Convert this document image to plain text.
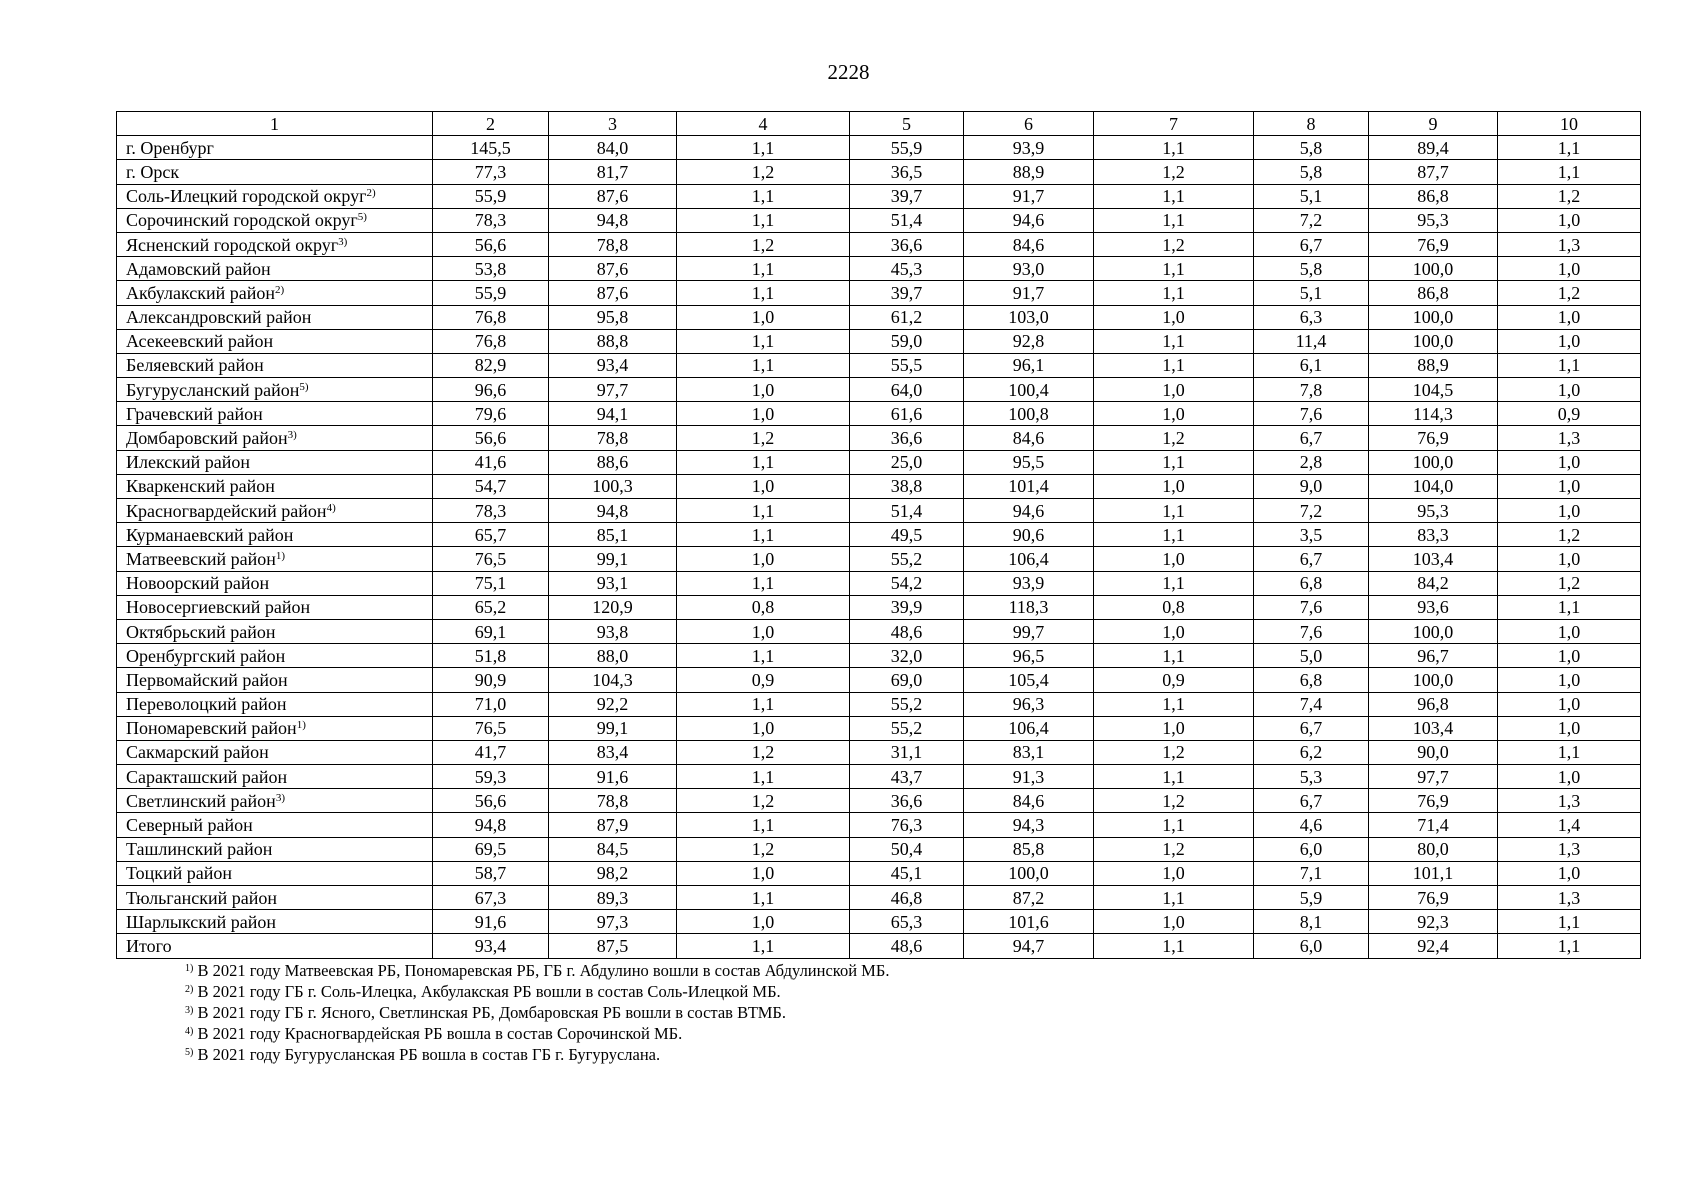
2228
1	2	3	4	5	6	7	8	9	10
г. Оренбург	145,5	84,0	1,1	55,9	93,9	1,1	5,8	89,4	1,1
г. Орск	77,3	81,7	1,2	36,5	88,9	1,2	5,8	87,7	1,1
Соль-Илецкий городской округ$^{2)}$	55,9	87,6	1,1	39,7	91,7	1,1	5,1	86,8	1,2
Сорочинский городской округ$^{5)}$	78,3	94,8	1,1	51,4	94,6	1,1	7,2	95,3	1,0
Ясненский городской округ$^{3)}$	56,6	78,8	1,2	36,6	84,6	1,2	6,7	76,9	1,3
Адамовский район	53,8	87,6	1,1	45,3	93,0	1,1	5,8	100,0	1,0
Акбулакский район$^{2)}$	55,9	87,6	1,1	39,7	91,7	1,1	5,1	86,8	1,2
Александровский район	76,8	95,8	1,0	61,2	103,0	1,0	6,3	100,0	1,0
Асекеевский район	76,8	88,8	1,1	59,0	92,8	1,1	11,4	100,0	1,0
Беляевский район	82,9	93,4	1,1	55,5	96,1	1,1	6,1	88,9	1,1
Бугурусланский район$^{5)}$	96,6	97,7	1,0	64,0	100,4	1,0	7,8	104,5	1,0
Грачевский район	79,6	94,1	1,0	61,6	100,8	1,0	7,6	114,3	0,9
Домбаровский район$^{3)}$	56,6	78,8	1,2	36,6	84,6	1,2	6,7	76,9	1,3
Илекский район	41,6	88,6	1,1	25,0	95,5	1,1	2,8	100,0	1,0
Кваркенский район	54,7	100,3	1,0	38,8	101,4	1,0	9,0	104,0	1,0
Красногвардейский район$^{4)}$	78,3	94,8	1,1	51,4	94,6	1,1	7,2	95,3	1,0
Курманаевский район	65,7	85,1	1,1	49,5	90,6	1,1	3,5	83,3	1,2
Матвеевский район$^{1)}$	76,5	99,1	1,0	55,2	106,4	1,0	6,7	103,4	1,0
Новоорский район	75,1	93,1	1,1	54,2	93,9	1,1	6,8	84,2	1,2
Новосергиевский район	65,2	120,9	0,8	39,9	118,3	0,8	7,6	93,6	1,1
Октябрьский район	69,1	93,8	1,0	48,6	99,7	1,0	7,6	100,0	1,0
Оренбургский район	51,8	88,0	1,1	32,0	96,5	1,1	5,0	96,7	1,0
Первомайский район	90,9	104,3	0,9	69,0	105,4	0,9	6,8	100,0	1,0
Переволоцкий район	71,0	92,2	1,1	55,2	96,3	1,1	7,4	96,8	1,0
Пономаревский район$^{1)}$	76,5	99,1	1,0	55,2	106,4	1,0	6,7	103,4	1,0
Сакмарский район	41,7	83,4	1,2	31,1	83,1	1,2	6,2	90,0	1,1
Саракташский район	59,3	91,6	1,1	43,7	91,3	1,1	5,3	97,7	1,0
Светлинский район$^{3)}$	56,6	78,8	1,2	36,6	84,6	1,2	6,7	76,9	1,3
Северный район	94,8	87,9	1,1	76,3	94,3	1,1	4,6	71,4	1,4
Ташлинский район	69,5	84,5	1,2	50,4	85,8	1,2	6,0	80,0	1,3
Тоцкий район	58,7	98,2	1,0	45,1	100,0	1,0	7,1	101,1	1,0
Тюльганский район	67,3	89,3	1,1	46,8	87,2	1,1	5,9	76,9	1,3
Шарлыкский район	91,6	97,3	1,0	65,3	101,6	1,0	8,1	92,3	1,1
Итого	93,4	87,5	1,1	48,6	94,7	1,1	6,0	92,4	1,1
$^{1)}$ В 2021 году Матвеевская РБ, Пономаревская РБ, ГБ г. Абдулино вошли в состав Абдулинской МБ.
$^{2)}$ В 2021 году ГБ г. Соль-Илецка, Акбулакская РБ вошли в состав Соль-Илецкой МБ.
$^{3)}$ В 2021 году ГБ г. Ясного, Светлинская РБ, Домбаровская РБ вошли в состав ВТМБ.
$^{4)}$ В 2021 году Красногвардейская РБ вошла в состав Сорочинской МБ.
$^{5)}$ В 2021 году Бугурусланская РБ вошла в состав ГБ г. Бугуруслана.
